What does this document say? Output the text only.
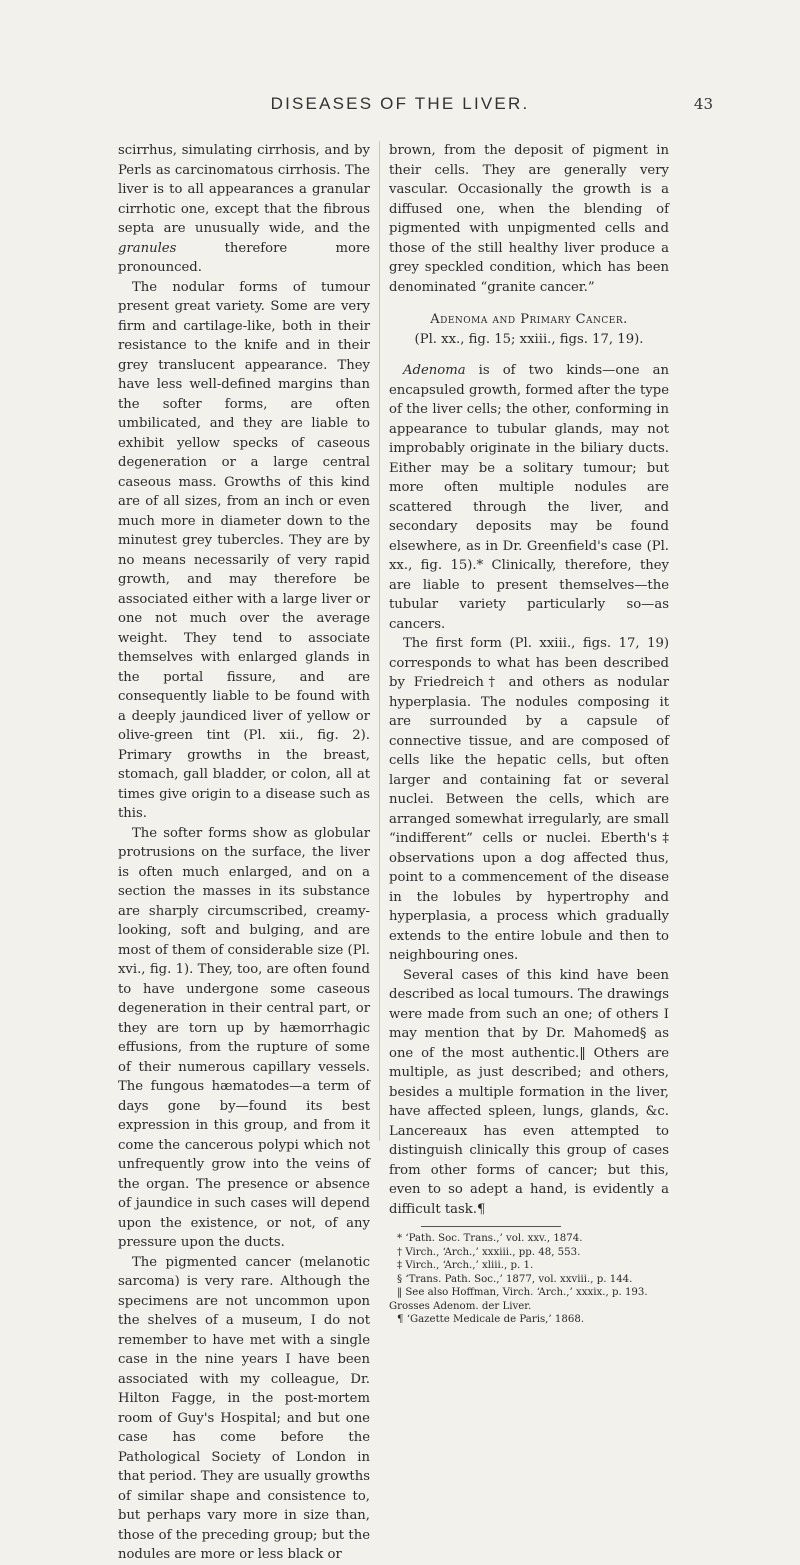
DISEASES OF THE LIVER.	43

scirrhus, simulating cirrhosis, and by Perls as carcinomatous cirrhosis. The liver is to all appearances a granular cirrhotic one, except that the fibrous septa are unusually wide, and the granules therefore more pronounced.

The nodular forms of tumour present great variety. Some are very firm and cartilage-like, both in their resistance to the knife and in their grey translucent appearance. They have less well-defined margins than the softer forms, are often umbilicated, and they are liable to exhibit yellow specks of caseous degeneration or a large central caseous mass. Growths of this kind are of all sizes, from an inch or even much more in diameter down to the minutest grey tubercles. They are by no means necessarily of very rapid growth, and may therefore be associated either with a large liver or one not much over the average weight. They tend to associate themselves with enlarged glands in the portal fissure, and are consequently liable to be found with a deeply jaundiced liver of yellow or olive-green tint (Pl. xii., fig. 2). Primary growths in the breast, stomach, gall bladder, or colon, all at times give origin to a disease such as this.

The softer forms show as globular protrusions on the surface, the liver is often much enlarged, and on a section the masses in its substance are sharply circumscribed, creamy-looking, soft and bulging, and are most of them of considerable size (Pl. xvi., fig. 1). They, too, are often found to have undergone some caseous degeneration in their central part, or they are torn up by hæmorrhagic effusions, from the rupture of some of their numerous capillary vessels. The fungous hæmatodes—a term of days gone by—found its best expression in this group, and from it come the cancerous polypi which not unfrequently grow into the veins of the organ. The presence or absence of jaundice in such cases will depend upon the existence, or not, of any pressure upon the ducts.

The pigmented cancer (melanotic sarcoma) is very rare. Although the specimens are not uncommon upon the shelves of a museum, I do not remember to have met with a single case in the nine years I have been associated with my colleague, Dr. Hilton Fagge, in the post-mortem room of Guy's Hospital; and but one case has come before the Pathological Society of London in that period. They are usually growths of similar shape and consistence to, but perhaps vary more in size than, those of the preceding group; but the nodules are more or less black or

brown, from the deposit of pigment in their cells. They are generally very vascular. Occasionally the growth is a diffused one, when the blending of pigmented with unpigmented cells and those of the still healthy liver produce a grey speckled condition, which has been denominated “granite cancer.”

Adenoma and Primary Cancer.

(Pl. xx., fig. 15; xxiii., figs. 17, 19).

Adenoma is of two kinds—one an encapsuled growth, formed after the type of the liver cells; the other, conforming in appearance to tubular glands, may not improbably originate in the biliary ducts. Either may be a solitary tumour; but more often multiple nodules are scattered through the liver, and secondary deposits may be found elsewhere, as in Dr. Greenfield's case (Pl. xx., fig. 15).* Clinically, therefore, they are liable to present themselves—the tubular variety particularly so—as cancers.

The first form (Pl. xxiii., figs. 17, 19) corresponds to what has been described by Friedreich† and others as nodular hyperplasia. The nodules composing it are surrounded by a capsule of connective tissue, and are composed of cells like the hepatic cells, but often larger and containing fat or several nuclei. Between the cells, which are arranged somewhat irregularly, are small “indifferent” cells or nuclei. Eberth's‡ observations upon a dog affected thus, point to a commencement of the disease in the lobules by hypertrophy and hyperplasia, a process which gradually extends to the entire lobule and then to neighbouring ones.

Several cases of this kind have been described as local tumours. The drawings were made from such an one; of others I may mention that by Dr. Mahomed§ as one of the most authentic.‖ Others are multiple, as just described; and others, besides a multiple formation in the liver, have affected spleen, lungs, glands, &c. Lancereaux has even attempted to distinguish clinically this group of cases from other forms of cancer; but this, even to so adept a hand, is evidently a difficult task.¶

* ‘Path. Soc. Trans.,’ vol. xxv., 1874.

† Virch., ‘Arch.,’ xxxiii., pp. 48, 553.

‡ Virch., ‘Arch.,’ xliii., p. 1.

§ ‘Trans. Path. Soc.,’ 1877, vol. xxviii., p. 144.

‖ See also Hoffman, Virch. ‘Arch.,’ xxxix., p. 193. Grosses Adenom. der Liver.

¶ ‘Gazette Medicale de Paris,’ 1868.
